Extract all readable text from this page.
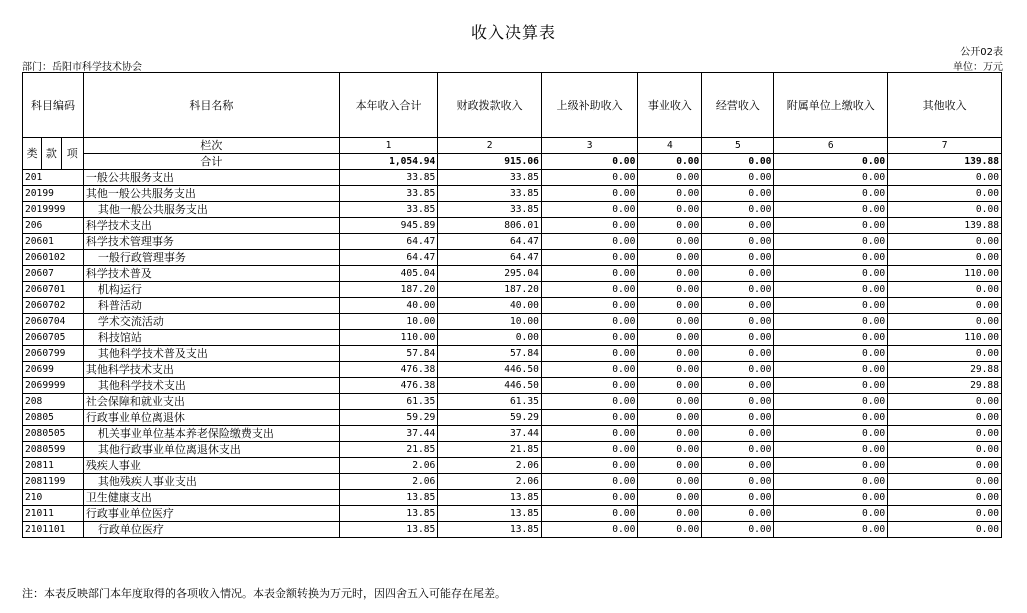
收入决算表
公开02表
部门：岳阳市科学技术协会	单位：万元
科目编码			科目名称	本年收入合计	财政拨款收入	上级补助收入	事业收入	经营收入	附属单位上缴收入	其他收入
类	款	项	栏次	1	2	3	4	5	6	7
			合计	1,054.94	915.06	0.00	0.00	0.00	0.00	139.88
201			一般公共服务支出	33.85	33.85	0.00	0.00	0.00	0.00	0.00
20199			其他一般公共服务支出	33.85	33.85	0.00	0.00	0.00	0.00	0.00
2019999			其他一般公共服务支出	33.85	33.85	0.00	0.00	0.00	0.00	0.00
206			科学技术支出	945.89	806.01	0.00	0.00	0.00	0.00	139.88
20601			科学技术管理事务	64.47	64.47	0.00	0.00	0.00	0.00	0.00
2060102			一般行政管理事务	64.47	64.47	0.00	0.00	0.00	0.00	0.00
20607			科学技术普及	405.04	295.04	0.00	0.00	0.00	0.00	110.00
2060701			机构运行	187.20	187.20	0.00	0.00	0.00	0.00	0.00
2060702			科普活动	40.00	40.00	0.00	0.00	0.00	0.00	0.00
2060704			学术交流活动	10.00	10.00	0.00	0.00	0.00	0.00	0.00
2060705			科技馆站	110.00	0.00	0.00	0.00	0.00	0.00	110.00
2060799			其他科学技术普及支出	57.84	57.84	0.00	0.00	0.00	0.00	0.00
20699			其他科学技术支出	476.38	446.50	0.00	0.00	0.00	0.00	29.88
2069999			其他科学技术支出	476.38	446.50	0.00	0.00	0.00	0.00	29.88
208			社会保障和就业支出	61.35	61.35	0.00	0.00	0.00	0.00	0.00
20805			行政事业单位离退休	59.29	59.29	0.00	0.00	0.00	0.00	0.00
2080505			机关事业单位基本养老保险缴费支出	37.44	37.44	0.00	0.00	0.00	0.00	0.00
2080599			其他行政事业单位离退休支出	21.85	21.85	0.00	0.00	0.00	0.00	0.00
20811			残疾人事业	2.06	2.06	0.00	0.00	0.00	0.00	0.00
2081199			其他残疾人事业支出	2.06	2.06	0.00	0.00	0.00	0.00	0.00
210			卫生健康支出	13.85	13.85	0.00	0.00	0.00	0.00	0.00
21011			行政事业单位医疗	13.85	13.85	0.00	0.00	0.00	0.00	0.00
2101101			行政单位医疗	13.85	13.85	0.00	0.00	0.00	0.00	0.00
注：本表反映部门本年度取得的各项收入情况。本表金额转换为万元时，因四舍五入可能存在尾差。
